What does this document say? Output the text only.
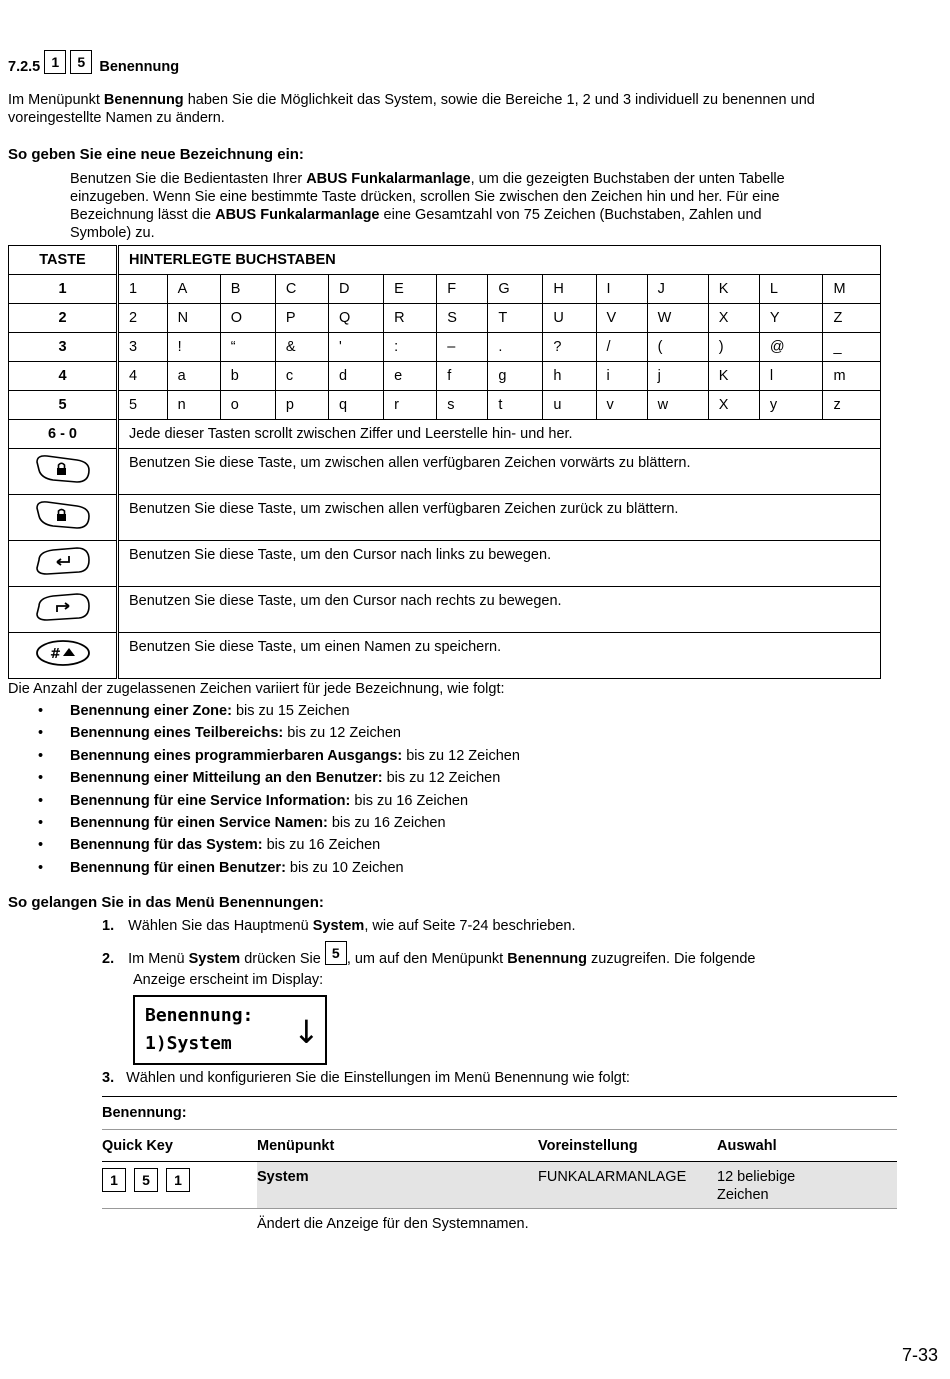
7.2.5 1 5 Benennung
Im Menüpunkt Benennung haben Sie die Möglichkeit das System, sowie die Bereiche 1, 2 und 3 individuell zu benennen und
voreingestellte Namen zu ändern.
So geben Sie eine neue Bezeichnung ein:
Benutzen Sie die Bedientasten Ihrer ABUS Funkalarmanlage, um die gezeigten Buchstaben der unten Tabelle
einzugeben. Wenn Sie eine bestimmte Taste drücken, scrollen Sie zwischen den Zeichen hin und her. Für eine
Bezeichnung lässt die ABUS Funkalarmanlage eine Gesamtzahl von 75 Zeichen (Buchstaben, Zahlen und
Symbole) zu.
TASTE	HINTERLEGTE BUCHSTABEN													
1	1	A	B	C	D	E	F	G	H	I	J	K	L	M
2	2	N	O	P	Q	R	S	T	U	V	W	X	Y	Z
3	3	!	“	&	'	:	–	.	?	/	(	)	@	_
4	4	a	b	c	d	e	f	g	h	i	j	K	l	m
5	5	n	o	p	q	r	s	t	u	v	w	X	y	z
6 - 0	Jede dieser Tasten scrollt zwischen Ziffer und Leerstelle hin- und her.													
	Benutzen Sie diese Taste, um zwischen allen verfügbaren Zeichen vorwärts zu blättern.													
	Benutzen Sie diese Taste, um zwischen allen verfügbaren Zeichen zurück zu blättern.													
	Benutzen Sie diese Taste, um den Cursor nach links zu bewegen.													
	Benutzen Sie diese Taste, um den Cursor nach rechts zu bewegen.													

#	Benutzen Sie diese Taste, um einen Namen zu speichern.													
Die Anzahl der zugelassenen Zeichen variiert für jede Bezeichnung, wie folgt:
• Benennung einer Zone: bis zu 15 Zeichen
• Benennung eines Teilbereichs: bis zu 12 Zeichen
• Benennung eines programmierbaren Ausgangs: bis zu 12 Zeichen
• Benennung einer Mitteilung an den Benutzer: bis zu 12 Zeichen
• Benennung für eine Service Information: bis zu 16 Zeichen
• Benennung für einen Service Namen: bis zu 16 Zeichen
• Benennung für das System: bis zu 16 Zeichen
• Benennung für einen Benutzer: bis zu 10 Zeichen
So gelangen Sie in das Menü Benennungen:
1. Wählen Sie das Hauptmenü System, wie auf Seite 7-24 beschrieben.
2. Im Menü System drücken Sie 5 , um auf den Menüpunkt Benennung zuzugreifen. Die folgende
Anzeige erscheint im Display:
Benennung:
1)System ↓
3. Wählen und konfigurieren Sie die Einstellungen im Menü Benennung wie folgt:
Benennung:
Quick Key	Menüpunkt	Voreinstellung	Auswahl
1 5 1	System	FUNKALARMANLAGE 12 beliebige
Zeichen
Ändert die Anzeige für den Systemnamen.
7-33
